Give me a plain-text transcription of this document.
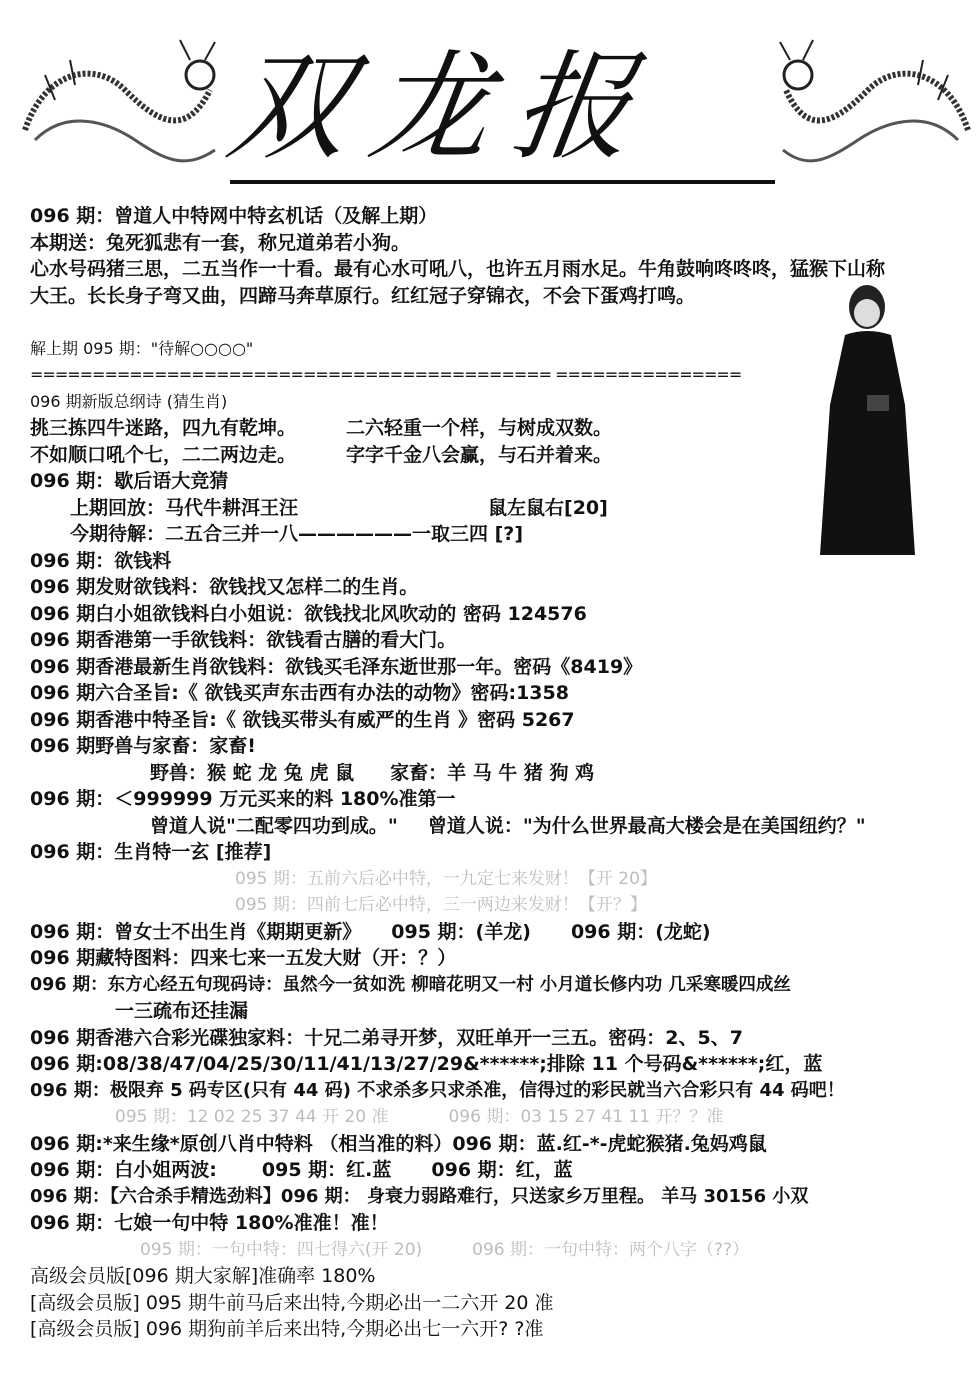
双龙报
096 期：曾道人中特网中特玄机话（及解上期）
本期送：兔死狐悲有一套，称兄道弟若小狗。
心水号码猪三思，二五当作一十看。最有心水可吼八，也许五月雨水足。牛角鼓响咚咚咚，猛猴下山称
大王。长长身子弯又曲，四蹄马奔草原行。红红冠子穿锦衣，不会下蛋鸡打鸣。
解上期 095 期："待解○○○○"
========================================== ===============
096 期新版总纲诗 (猜生肖)
挑三拣四牛迷路，四九有乾坤。	二六轻重一个样，与树成双数。
不如顺口吼个七，二二两边走。	字字千金八会赢，与石并着来。
096 期：歇后语大竞猜
上期回放：马代牛耕洱王汪	鼠左鼠右[20]
今期待解：二五合三并一八——————一取三四 [?]
096 期：欲钱料
096 期发财欲钱料：欲钱找又怎样二的生肖。
096 期白小姐欲钱料白小姐说：欲钱找北风吹动的 密码 124576
096 期香港第一手欲钱料：欲钱看古膳的看大门。
096 期香港最新生肖欲钱料：欲钱买毛泽东逝世那一年。密码《8419》
096 期六合圣旨:《 欲钱买声东击西有办法的动物》密码:1358
096 期香港中特圣旨:《 欲钱买带头有威严的生肖 》密码 5267
096 期野兽与家畜：家畜!
野兽：猴 蛇 龙 兔 虎 鼠 家畜：羊 马 牛 猪 狗 鸡
096 期：＜999999 万元买来的料 180%准第一
曾道人说"二配零四功到成。" 曾道人说："为什么世界最高大楼会是在美国纽约？"
096 期：生肖特一玄 [推荐]
095 期：五前六后必中特，一九定七来发财！【开 20】
095 期：四前七后必中特，三一两边来发财！【开？】
096 期：曾女士不出生肖《期期更新》 095 期：(羊龙) 096 期：(龙蛇)
096 期藏特图料：四来七来一五发大财（开：？）
096 期：东方心经五句现码诗：虽然今一贫如洗 柳暗花明又一村 小月道长修内功 几采寒暖四成丝
一三疏布还挂漏
096 期香港六合彩光碟独家料：十兄二弟寻开梦，双旺单开一三五。密码：2、5、7
096 期:08/38/47/04/25/30/11/41/13/27/29&******;排除 11 个号码&******;红，蓝
096 期：极限弃 5 码专区(只有 44 码) 不求杀多只求杀准，信得过的彩民就当六合彩只有 44 码吧！
095 期：12 02 25 37 44 开 20 准	096 期：03 15 27 41 11 开？？准
096 期:*来生缘*原创八肖中特料 （相当准的料）096 期：蓝.红-*-虎蛇猴猪.兔妈鸡鼠
096 期：白小姐两波: 095 期：红.蓝 096 期：红，蓝
096 期：【六合杀手精选劲料】096 期： 身衰力弱路难行，只送家乡万里程。 羊马 30156 小双
096 期：七娘一句中特 180%准准！准！
095 期：一句中特：四七得六(开 20)	096 期：一句中特：两个八字（??）
高级会员版[096 期大家解]准确率 180%
[高级会员版] 095 期牛前马后来出特,今期必出一二六开 20 准
[高级会员版] 096 期狗前羊后来出特,今期必出七一六开? ?准
